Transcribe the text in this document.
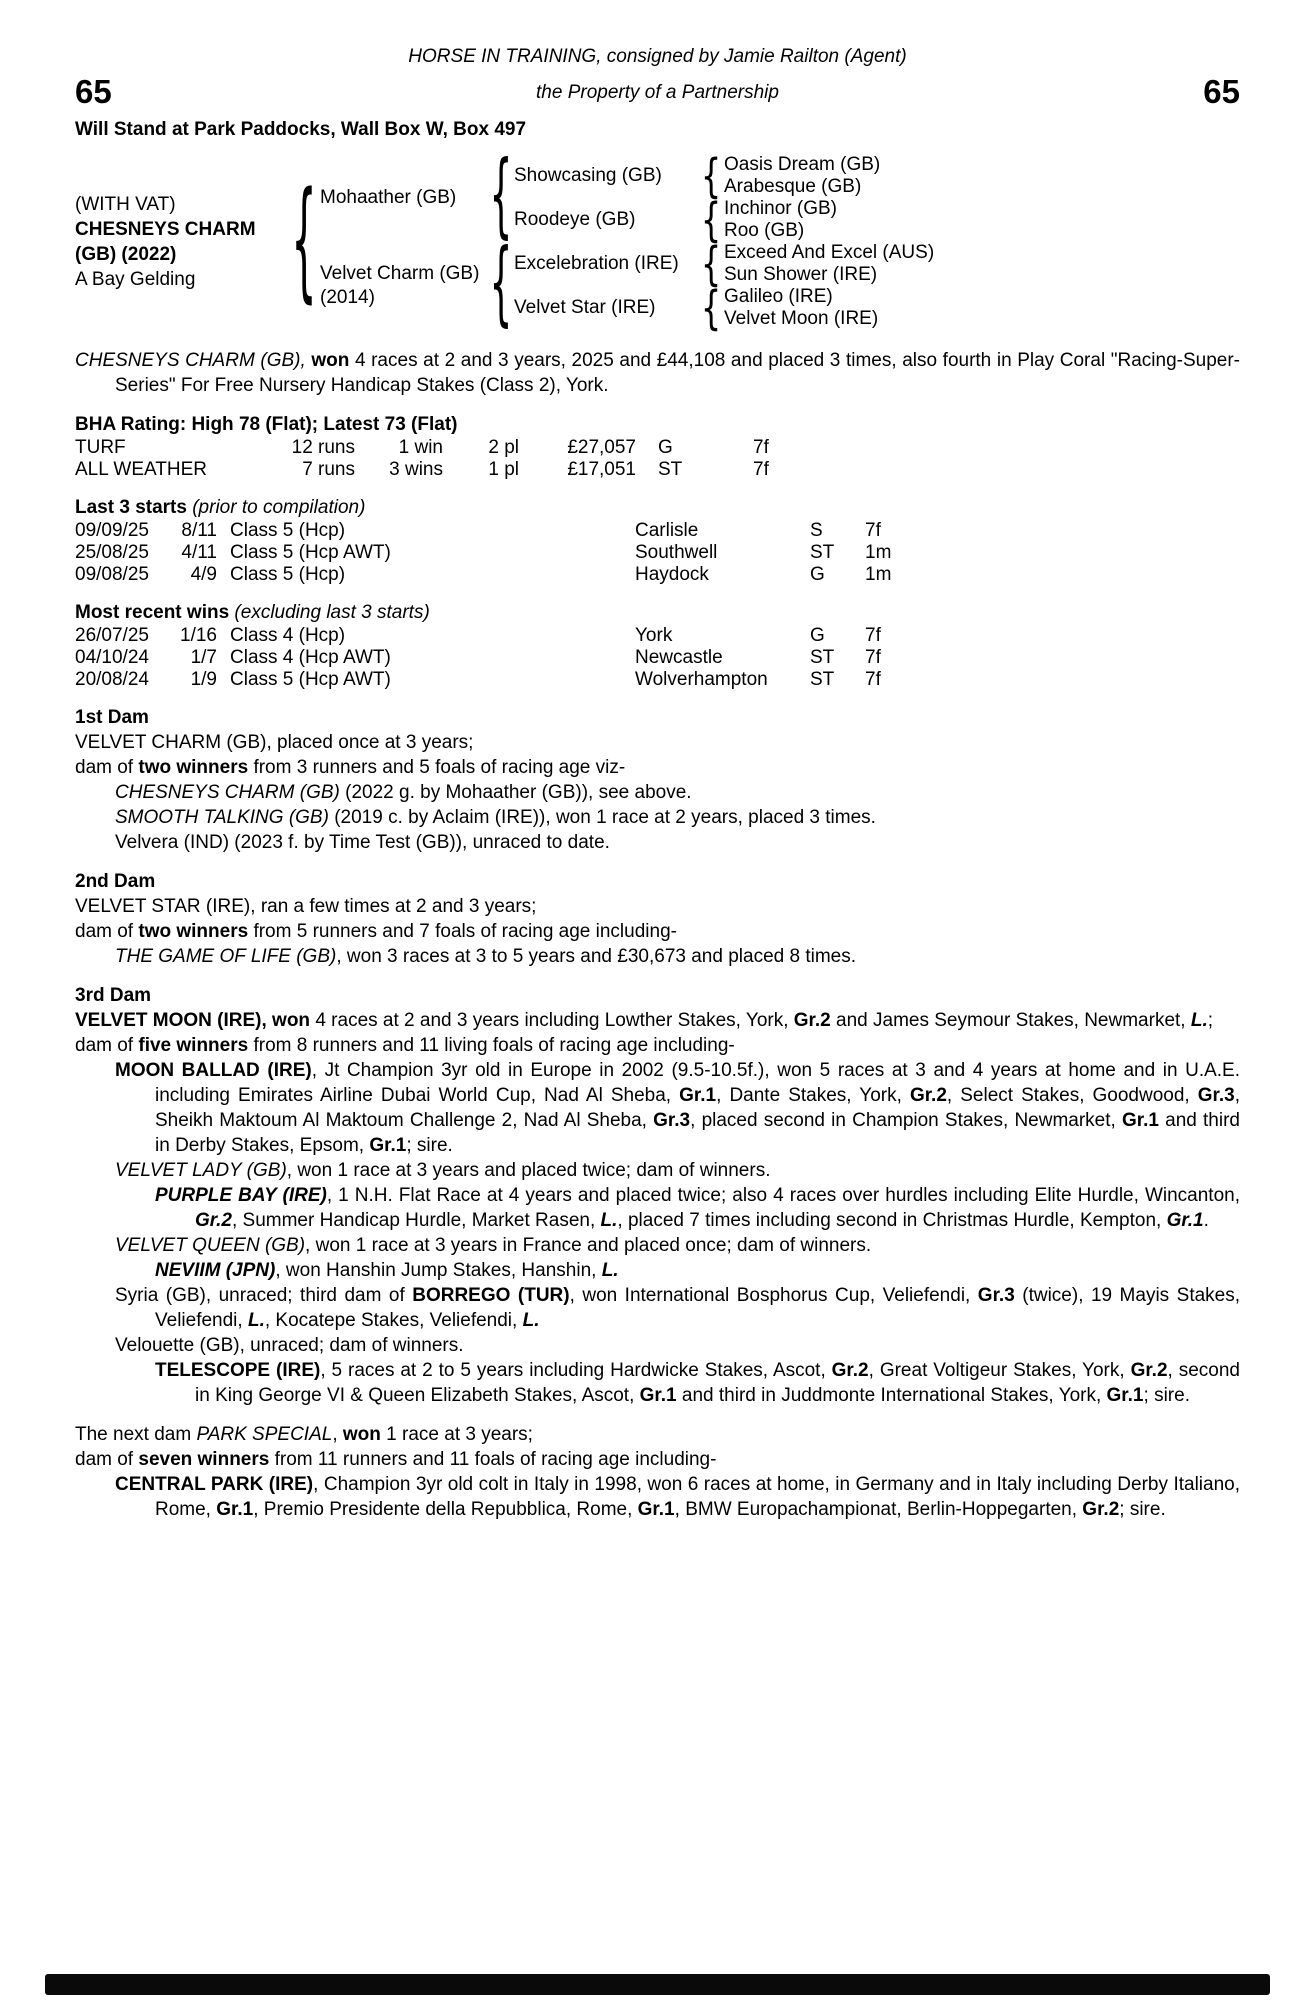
HORSE IN TRAINING, consigned by Jamie Railton (Agent)
65	the Property of a Partnership	65
Will Stand at Park Paddocks, Wall Box W, Box 497
(WITH VAT)
CHESNEYS CHARM
(GB) (2022)
A Bay Gelding
{
Mohaather (GB)
Velvet Charm (GB)
(2014)
{
{
Showcasing (GB)
Roodeye (GB)
Excelebration (IRE)
Velvet Star (IRE)
{
{
{
{
Oasis Dream (GB)
Arabesque (GB)
Inchinor (GB)
Roo (GB)
Exceed And Excel (AUS)
Sun Shower (IRE)
Galileo (IRE)
Velvet Moon (IRE)

CHESNEYS CHARM (GB), won 4 races at 2 and 3 years, 2025 and £44,108 and placed 3 times, also fourth in Play Coral "Racing-Super-Series" For Free Nursery Handicap Stakes (Class 2), York.

BHA Rating: High 78 (Flat); Latest 73 (Flat)
TURF	12 runs	1 win	2 pl	£27,057	G	7f
ALL WEATHER	7 runs	3 wins	1 pl	£17,051	ST	7f
Last 3 starts (prior to compilation)
09/09/25	8/11 Class 5 (Hcp)	Carlisle	S	7f
25/08/25	4/11 Class 5 (Hcp AWT)	Southwell	ST	1m
09/08/25	4/9 Class 5 (Hcp)	Haydock	G	1m
Most recent wins (excluding last 3 starts)
26/07/25	1/16 Class 4 (Hcp)	York	G	7f
04/10/24	1/7 Class 4 (Hcp AWT)	Newcastle	ST	7f
20/08/24	1/9 Class 5 (Hcp AWT)	Wolverhampton	ST	7f
1st Dam

VELVET CHARM (GB), placed once at 3 years;

dam of two winners from 3 runners and 5 foals of racing age viz-

CHESNEYS CHARM (GB) (2022 g. by Mohaather (GB)), see above.

SMOOTH TALKING (GB) (2019 c. by Aclaim (IRE)), won 1 race at 2 years, placed 3 times.

Velvera (IND) (2023 f. by Time Test (GB)), unraced to date.

2nd Dam

VELVET STAR (IRE), ran a few times at 2 and 3 years;

dam of two winners from 5 runners and 7 foals of racing age including-

THE GAME OF LIFE (GB), won 3 races at 3 to 5 years and £30,673 and placed 8 times.

3rd Dam

VELVET MOON (IRE), won 4 races at 2 and 3 years including Lowther Stakes, York, Gr.2 and James Seymour Stakes, Newmarket, L.;

dam of five winners from 8 runners and 11 living foals of racing age including-

MOON BALLAD (IRE), Jt Champion 3yr old in Europe in 2002 (9.5-10.5f.), won 5 races at 3 and 4 years at home and in U.A.E. including Emirates Airline Dubai World Cup, Nad Al Sheba, Gr.1, Dante Stakes, York, Gr.2, Select Stakes, Goodwood, Gr.3, Sheikh Maktoum Al Maktoum Challenge 2, Nad Al Sheba, Gr.3, placed second in Champion Stakes, Newmarket, Gr.1 and third in Derby Stakes, Epsom, Gr.1; sire.

VELVET LADY (GB), won 1 race at 3 years and placed twice; dam of winners.

PURPLE BAY (IRE), 1 N.H. Flat Race at 4 years and placed twice; also 4 races over hurdles including Elite Hurdle, Wincanton, Gr.2, Summer Handicap Hurdle, Market Rasen, L., placed 7 times including second in Christmas Hurdle, Kempton, Gr.1.

VELVET QUEEN (GB), won 1 race at 3 years in France and placed once; dam of winners.

NEVIIM (JPN), won Hanshin Jump Stakes, Hanshin, L.

Syria (GB), unraced; third dam of BORREGO (TUR), won International Bosphorus Cup, Veliefendi, Gr.3 (twice), 19 Mayis Stakes, Veliefendi, L., Kocatepe Stakes, Veliefendi, L.

Velouette (GB), unraced; dam of winners.

TELESCOPE (IRE), 5 races at 2 to 5 years including Hardwicke Stakes, Ascot, Gr.2, Great Voltigeur Stakes, York, Gr.2, second in King George VI & Queen Elizabeth Stakes, Ascot, Gr.1 and third in Juddmonte International Stakes, York, Gr.1; sire.

The next dam PARK SPECIAL, won 1 race at 3 years;

dam of seven winners from 11 runners and 11 foals of racing age including-

CENTRAL PARK (IRE), Champion 3yr old colt in Italy in 1998, won 6 races at home, in Germany and in Italy including Derby Italiano, Rome, Gr.1, Premio Presidente della Repubblica, Rome, Gr.1, BMW Europachampionat, Berlin-Hoppegarten, Gr.2; sire.
